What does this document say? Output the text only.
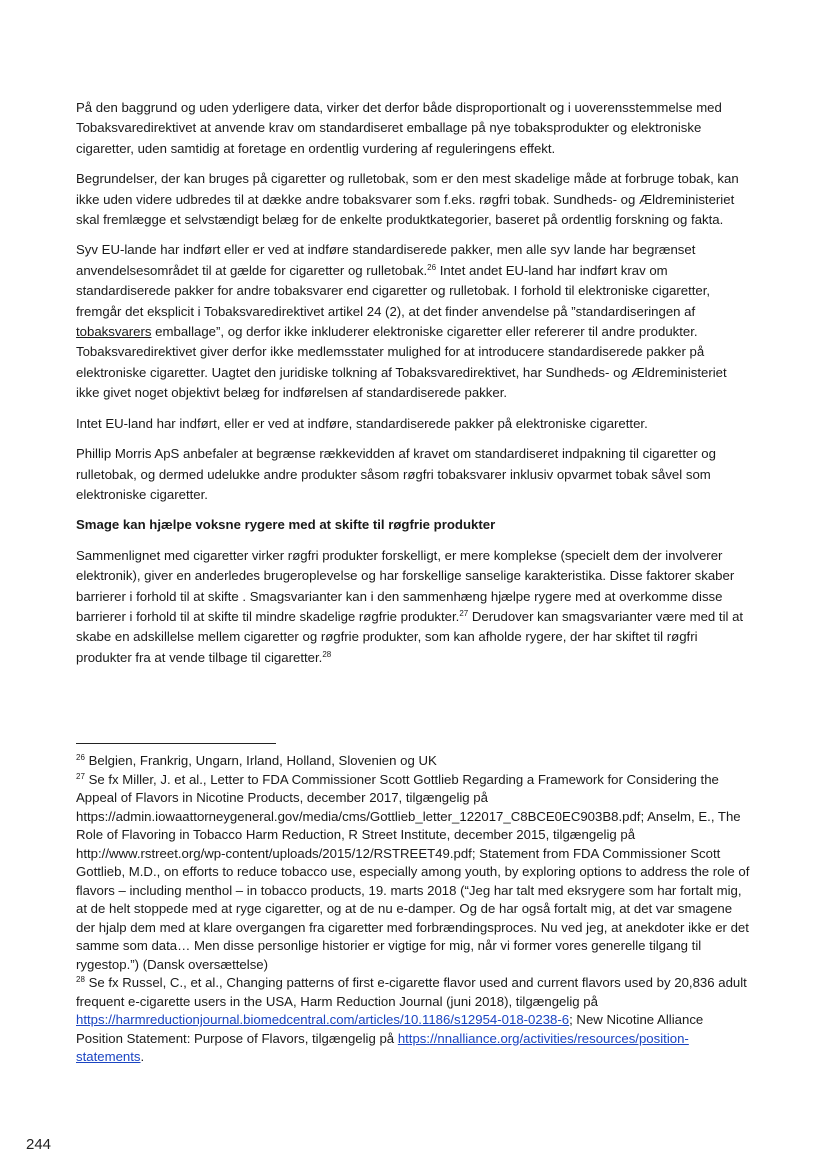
På den baggrund og uden yderligere data, virker det derfor både disproportionalt og i uoverensstemmelse med Tobaksvaredirektivet at anvende krav om standardiseret emballage på nye tobaksprodukter og elektroniske cigaretter, uden samtidig at foretage en ordentlig vurdering af reguleringens effekt.

Begrundelser, der kan bruges på cigaretter og rulletobak, som er den mest skadelige måde at forbruge tobak, kan ikke uden videre udbredes til at dække andre tobaksvarer som f.eks. røgfri tobak. Sundheds- og Ældreministeriet skal fremlægge et selvstændigt belæg for de enkelte produktkategorier, baseret på ordentlig forskning og fakta.

Syv EU-lande har indført eller er ved at indføre standardiserede pakker, men alle syv lande har begrænset anvendelsesområdet til at gælde for cigaretter og rulletobak.$^{26}$ Intet andet EU-land har indført krav om standardiserede pakker for andre tobaksvarer end cigaretter og rulletobak. I forhold til elektroniske cigaretter, fremgår det eksplicit i Tobaksvaredirektivet artikel 24 (2), at det finder anvendelse på ”standardiseringen af tobaksvarers emballage”, og derfor ikke inkluderer elektroniske cigaretter eller refererer til andre produkter. Tobaksvaredirektivet giver derfor ikke medlemsstater mulighed for at introducere standardiserede pakker på elektroniske cigaretter. Uagtet den juridiske tolkning af Tobaksvaredirektivet, har Sundheds- og Ældreministeriet ikke givet noget objektivt belæg for indførelsen af standardiserede pakker.

Intet EU-land har indført, eller er ved at indføre, standardiserede pakker på elektroniske cigaretter.

Phillip Morris ApS anbefaler at begrænse rækkevidden af kravet om standardiseret indpakning til cigaretter og rulletobak, og dermed udelukke andre produkter såsom røgfri tobaksvarer inklusiv opvarmet tobak såvel som elektroniske cigaretter.

Smage kan hjælpe voksne rygere med at skifte til røgfrie produkter

Sammenlignet med cigaretter virker røgfri produkter forskelligt, er mere komplekse (specielt dem der involverer elektronik), giver en anderledes brugeroplevelse og har forskellige sanselige karakteristika. Disse faktorer skaber barrierer i forhold til at skifte . Smagsvarianter kan i den sammenhæng hjælpe rygere med at overkomme disse barrierer i forhold til at skifte til mindre skadelige røgfrie produkter.$^{27}$ Derudover kan smagsvarianter være med til at skabe en adskillelse mellem cigaretter og røgfrie produkter, som kan afholde rygere, der har skiftet til røgfri produkter fra at vende tilbage til cigaretter.$^{28}$

$^{26}$ Belgien, Frankrig, Ungarn, Irland, Holland, Slovenien og UK

$^{27}$ Se fx Miller, J. et al., Letter to FDA Commissioner Scott Gottlieb Regarding a Framework for Considering the Appeal of Flavors in Nicotine Products, december 2017, tilgængelig på https://admin.iowaattorneygeneral.gov/media/cms/Gottlieb_letter_122017_C8BCE0EC903B8.pdf; Anselm, E., The Role of Flavoring in Tobacco Harm Reduction, R Street Institute, december 2015, tilgængelig på http://www.rstreet.org/wp-content/uploads/2015/12/RSTREET49.pdf; Statement from FDA Commissioner Scott Gottlieb, M.D., on efforts to reduce tobacco use, especially among youth, by exploring options to address the role of flavors – including menthol – in tobacco products, 19. marts 2018 (“Jeg har talt med eksrygere som har fortalt mig, at de helt stoppede med at ryge cigaretter, og at de nu e-damper. Og de har også fortalt mig, at det var smagene der hjalp dem med at klare overgangen fra cigaretter med forbrændingsproces. Nu ved jeg, at anekdoter ikke er det samme som data… Men disse personlige historier er vigtige for mig, når vi former vores generelle tilgang til rygestop.”) (Dansk oversættelse)

$^{28}$ Se fx Russel, C., et al., Changing patterns of first e-cigarette flavor used and current flavors used by 20,836 adult frequent e-cigarette users in the USA, Harm Reduction Journal (juni 2018), tilgængelig på https://harmreductionjournal.biomedcentral.com/articles/10.1186/s12954-018-0238-6; New Nicotine Alliance Position Statement: Purpose of Flavors, tilgængelig på https://nnalliance.org/activities/resources/position-statements.

244
